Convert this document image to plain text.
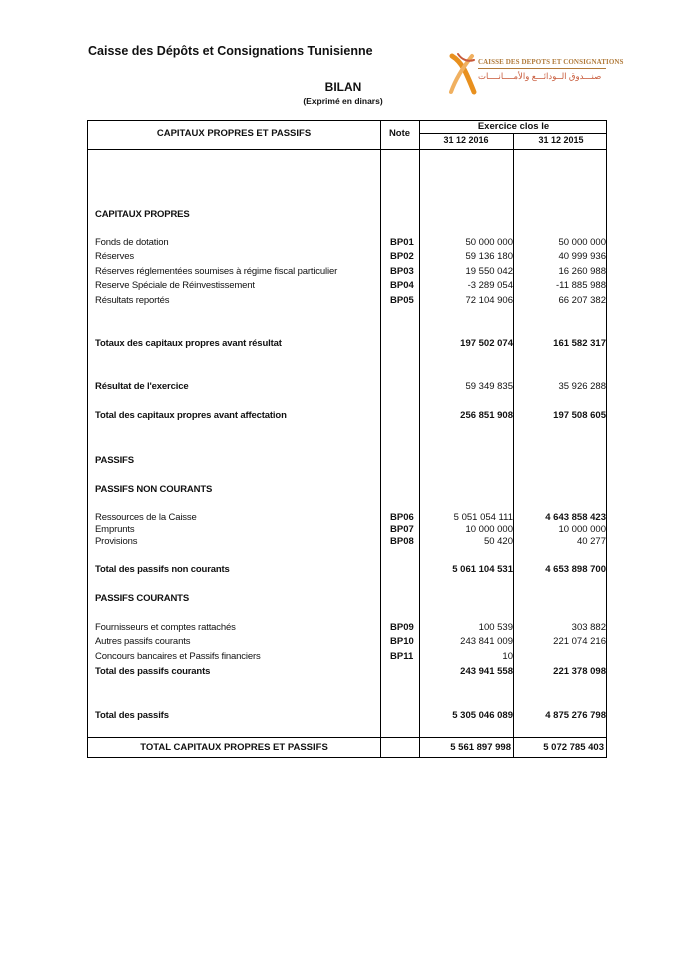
Caisse des Dépôts et Consignations Tunisienne
CAISSE DES DEPOTS ET CONSIGNATIONS
صنـــدوق الــودائـــع والأمــــانــــات
BILAN
(Exprimé en dinars)
CAPITAUX PROPRES ET PASSIFS	Note
Exercice clos le
31 12 2016	31 12 2015
CAPITAUX PROPRES
Fonds de dotation	BP01	50 000 000	50 000 000
Réserves	BP02	59 136 180	40 999 936
Réserves réglementées soumises à régime fiscal particulier	BP03	19 550 042	16 260 988
Reserve Spéciale de Réinvestissement	BP04	-3 289 054	-11 885 988
Résultats reportés	BP05	72 104 906	66 207 382
Totaux des capitaux propres avant résultat	197 502 074	161 582 317
Résultat de l'exercice	59 349 835	35 926 288
Total des capitaux propres avant affectation	256 851 908	197 508 605
PASSIFS
PASSIFS NON COURANTS
Ressources de la Caisse	BP06	5 051 054 111	4 643 858 423
Emprunts	BP07	10 000 000	10 000 000
Provisions	BP08	50 420	40 277
Total des passifs non courants	5 061 104 531	4 653 898 700
PASSIFS COURANTS
Fournisseurs et comptes rattachés	BP09	100 539	303 882
Autres passifs courants	BP10	243 841 009	221 074 216
Concours bancaires et Passifs financiers	BP11	10
Total des passifs courants	243 941 558	221 378 098
Total des passifs	5 305 046 089	4 875 276 798
TOTAL CAPITAUX PROPRES ET PASSIFS	5 561 897 998	5 072 785 403
